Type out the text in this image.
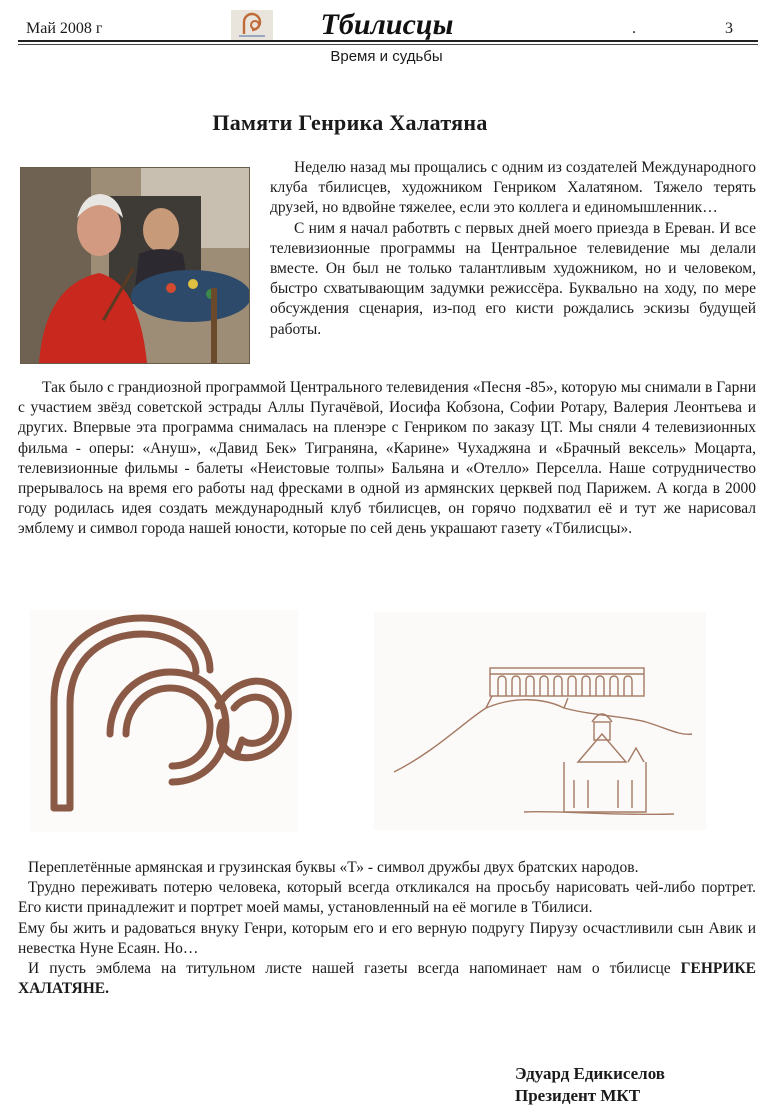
Май 2008 г	Тбилисцы	.	3
Время и судьбы
Памяти Генрика Халатяна

Неделю назад мы прощались с одним из создателей Международного клуба тбилисцев, художником Генриком Халатяном. Тяжело терять друзей, но вдвойне тяжелее, если это коллега и единомышленник…

С ним я начал работвть с первых дней моего приезда в Ереван. И все телевизионные программы на Центральное телевидение мы делали вместе. Он был не только талантливым художником, но и человеком, быстро схватывающим задумки режиссёра. Буквально на ходу, по мере обсуждения сценария, из-под его кисти рождались эскизы будущей работы.

Так было с грандиозной программой Центрального телевидения «Песня -85», которую мы снимали в Гарни с участием звёзд советской эстрады Аллы Пугачёвой, Иосифа Кобзона, Софии Ротару, Валерия Леонтьева и других. Впервые эта программа снималась на пленэре с Генриком по заказу ЦТ. Мы сняли 4 телевизионных фильма - оперы: «Ануш», «Давид Бек» Тиграняна, «Карине» Чухаджяна и «Брачный вексель» Моцарта, телевизионные фильмы - балеты «Неистовые толпы» Бальяна и «Отелло» Перселла. Наше сотрудничество прерывалось на время его работы над фресками в одной из армянских церквей под Парижем. А когда в 2000 году родилась идея создать международный клуб тбилисцев, он горячо подхватил её и тут же нарисовал эмблему и символ города нашей юности, которые по сей день украшают газету «Тбилисцы».

Переплетённые армянская и грузинская буквы «Т» - символ дружбы двух братских народов.

Трудно переживать потерю человека, который всегда откликался на просьбу нарисовать чей-либо портрет. Его кисти принадлежит и портрет моей мамы, установленный на её могиле в Тбилиси.

Ему бы жить и радоваться внуку Генри, которым его и его верную подругу Пирузу осчастливили сын Авик и невестка Нуне Есаян. Но…

И пусть эмблема на титульном листе нашей газеты всегда напоминает нам о тбилисце ГЕНРИКЕ ХАЛАТЯНЕ.

Эдуард Едикиселов
Президент МКТ
